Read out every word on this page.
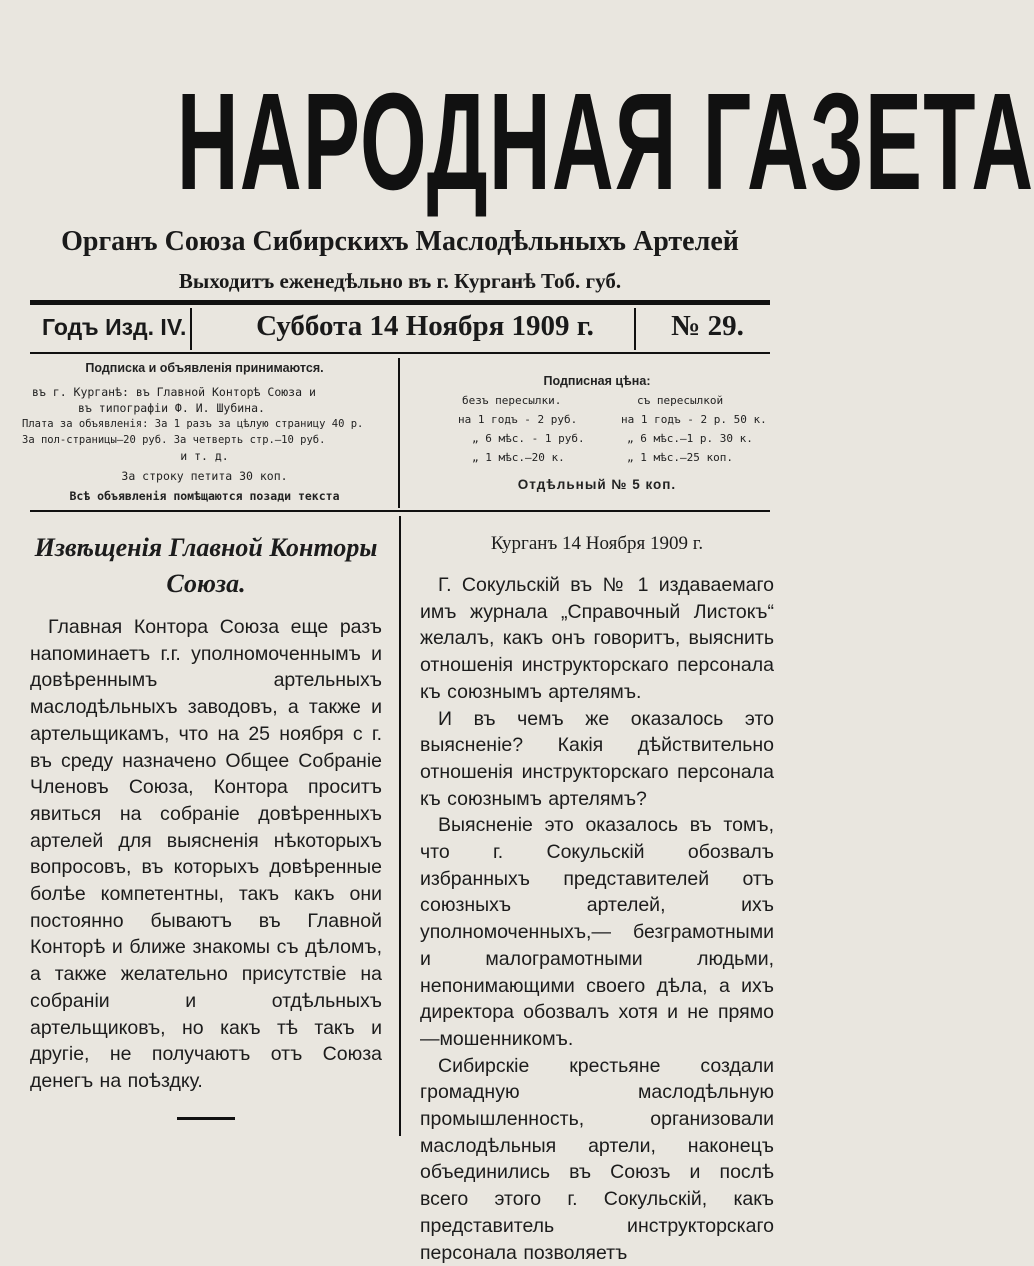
НАРОДНАЯ ГАЗЕТА
Органъ Союза Сибирскихъ Маслодѣльныхъ Артелей
Выходитъ еженедѣльно въ г. Курганѣ Тоб. губ.
Годъ Изд. IV.	Суббота 14 Ноября 1909 г.	№ 29.
Подписка и объявленія принимаются.
въ г. Курганѣ: въ Главной Конторѣ Союза и
въ типографіи Ф. И. Шубина.
Плата за объявленія: За 1 разъ за цѣлую страницу 40 р.
За пол-страницы—20 руб. За четверть стр.—10 руб.
и т. д.
За строку петита 30 коп.
Всѣ объявленія помѣщаются позади текста
Подписная цѣна:
безъ пересылки.	съ пересылкой
на 1 годъ - 2 руб.	на 1 годъ - 2 р. 50 к.
„ 6 мѣс. - 1 руб.	„ 6 мѣс.—1 р. 30 к.
„ 1 мѣс.—20 к.	„ 1 мѣс.—25 коп.
Отдѣльный № 5 коп.
Извѣщенія Главной Конторы Союза.

Главная Контора Союза еще разъ напоминаетъ г.г. уполномоченнымъ и довѣреннымъ артельныхъ маслодѣльныхъ заводовъ, а также и артельщикамъ, что на 25 ноября с г. въ среду назначено Общее Собраніе Членовъ Союза, Контора проситъ явиться на собраніе довѣренныхъ артелей для выясненія нѣкоторыхъ вопросовъ, въ которыхъ довѣренные болѣе компетентны, такъ какъ они постоянно бываютъ въ Главной Конторѣ и ближе знакомы съ дѣломъ, а также желательно присутствіе на собраніи и отдѣльныхъ артельщиковъ, но какъ тѣ такъ и другіе, не получаютъ отъ Союза денегъ на поѣздку.

Курганъ 14 Ноября 1909 г.

Г. Сокульскій въ № 1 издаваемаго имъ журнала „Справочный Листокъ“ желалъ, какъ онъ говоритъ, выяснить отношенія инструкторскаго персонала къ союзнымъ артелямъ.

И въ чемъ же оказалось это выясненіе? Какія дѣйствительно отношенія инструкторскаго персонала къ союзнымъ артелямъ?

Выясненіе это оказалось въ томъ, что г. Сокульскій обозвалъ избранныхъ представителей отъ союзныхъ артелей, ихъ уполномоченныхъ,— безграмотными и малограмотными людьми, непонимающими своего дѣла, а ихъ директора обозвалъ хотя и не прямо—мошенникомъ.

Сибирскіе крестьяне создали громадную маслодѣльную промышленность, организовали маслодѣльныя артели, наконецъ объединились въ Союзъ и послѣ всего этого г. Сокульскій, какъ представитель инструкторскаго персонала позволяетъ
